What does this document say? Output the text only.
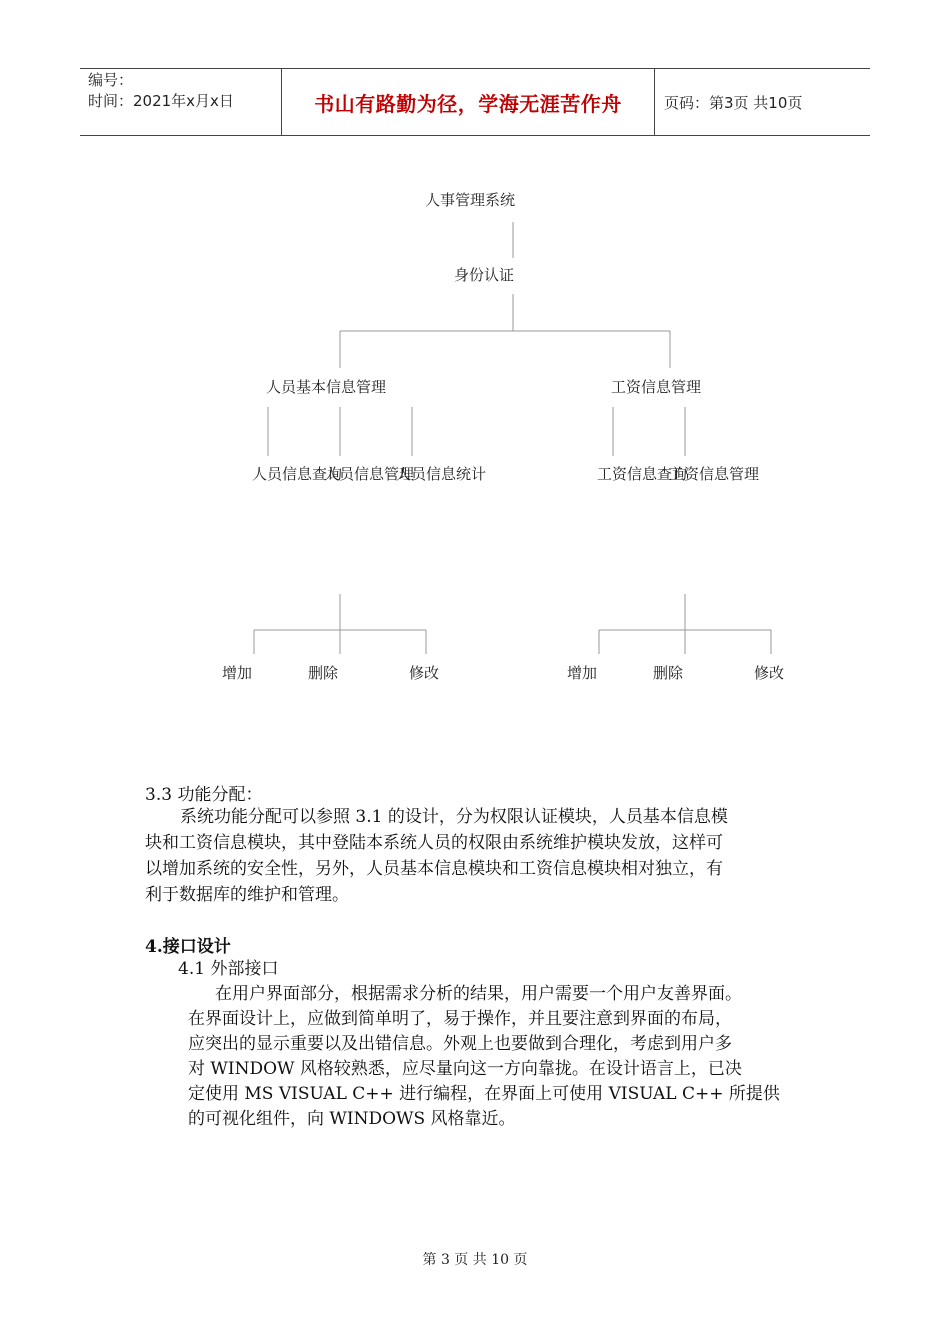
编号：
时间：2021年x月x日	书山有路勤为径，学海无涯苦作舟	页码：第3页 共10页
人事管理系统
身份认证
人员基本信息管理	工资信息管理
人员信息查询
人员信息管理
人员信息统计	工资信息查询
工资信息管理
增加	删除	修改	增加	删除	修改
3.3 功能分配：
系统功能分配可以参照 3.1 的设计，分为权限认证模块，人员基本信息模
块和工资信息模块，其中登陆本系统人员的权限由系统维护模块发放，这样可
以增加系统的安全性，另外，人员基本信息模块和工资信息模块相对独立，有
利于数据库的维护和管理。
4.接口设计
4.1 外部接口
在用户界面部分，根据需求分析的结果，用户需要一个用户友善界面。
在界面设计上，应做到简单明了，易于操作，并且要注意到界面的布局，
应突出的显示重要以及出错信息。外观上也要做到合理化，考虑到用户多
对 WINDOW 风格较熟悉，应尽量向这一方向靠拢。在设计语言上，已决
定使用 MS VISUAL C++ 进行编程，在界面上可使用 VISUAL C++ 所提供
的可视化组件，向 WINDOWS 风格靠近。
第 3 页 共 10 页
